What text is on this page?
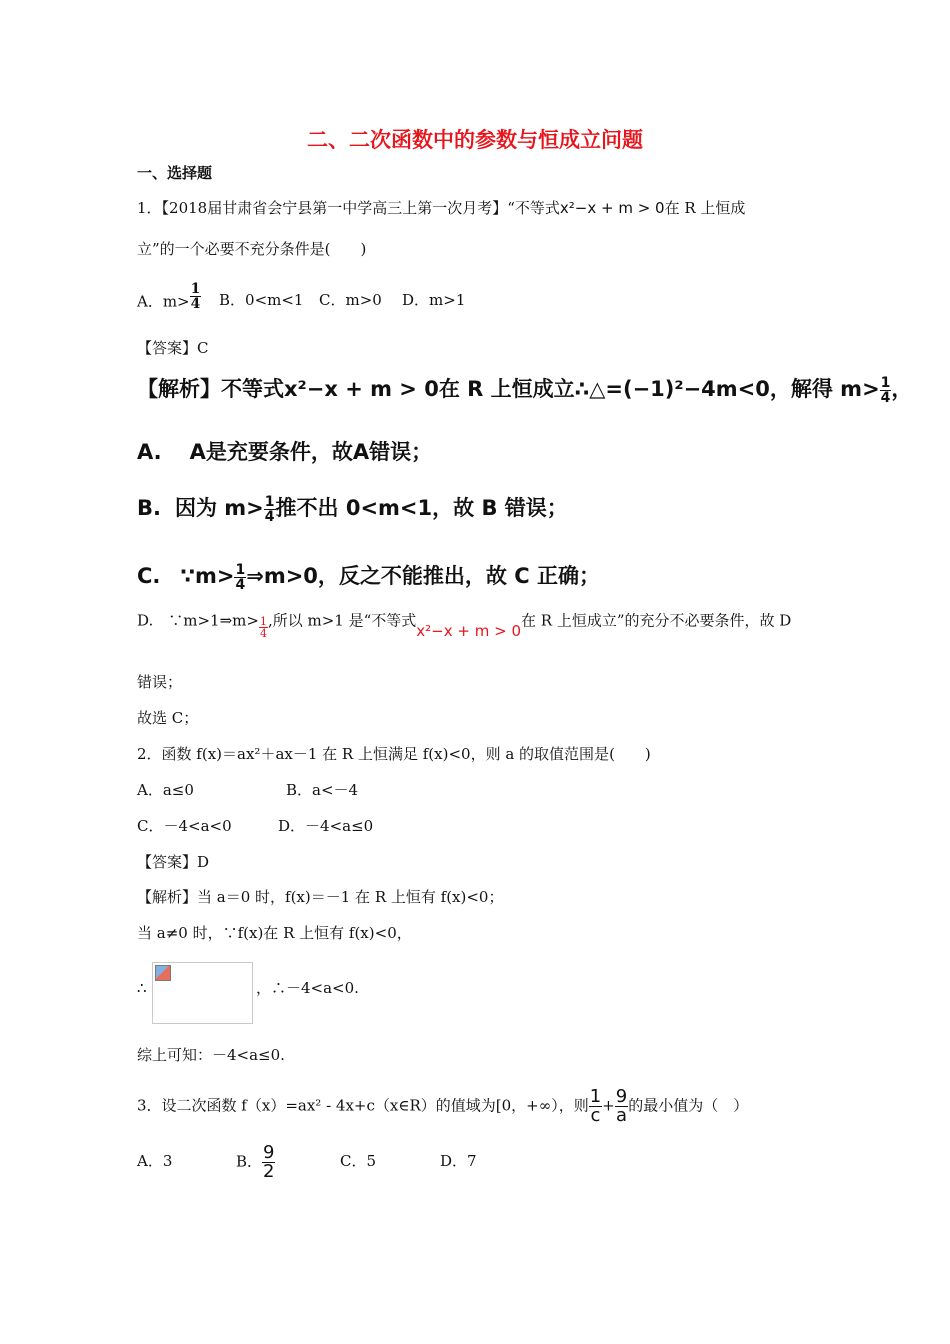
二、二次函数中的参数与恒成立问题
一、选择题
1．【2018届甘肃省会宁县第一中学高三上第一次月考】“不等式x²−x + m > 0在 R 上恒成
立”的一个必要不充分条件是(　　)
A．$m> \frac{1}{4}$ B．0<m<1 C．m>0 D．m>1
【答案】C
【解析】不等式x²−x + m > 0在 R 上恒成立∴△=(−1)²−4m<0，解得 $m> \frac{1}{4}$ ，
A. A是充要条件，故A错误；
B. 因为 $m> \frac{1}{4}$ 推不出 0<m<1，故 B 错误；
C. ∵m> $\frac{1}{4}$ ⇒m>0，反之不能推出，故 C 正确；
D.　∵m>1⇒m> $\frac{1}{4}$ ,所以 m>1 是“不等式x²−x + m > 0在 R 上恒成立”的充分不必要条件，故 D
错误；
故选 C；
2．函数 f(x)＝ax²＋ax－1 在 R 上恒满足 f(x)<0，则 a 的取值范围是(　　)
A．a≤0	B．a<－4
C．－4<a<0	D．－4<a≤0
【答案】D
【解析】当 a＝0 时，f(x)＝－1 在 R 上恒有 f(x)<0；
当 a≠0 时，∵f(x)在 R 上恒有 f(x)<0，
∴	，∴－4<a<0.
综上可知：－4<a≤0.
3．设二次函数 f（x）=ax² - 4x+c（x∈R）的值域为[0，+∞），则 $\frac{1}{c} + \frac{9}{a}$ 的最小值为（　）
A．3	B． $\frac{9}{2}$	C．5	D．7
